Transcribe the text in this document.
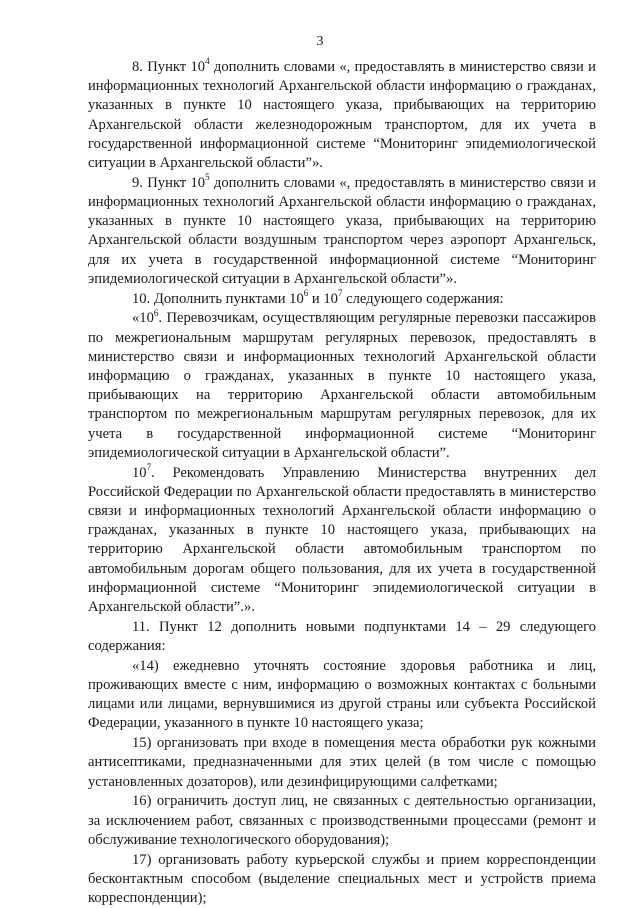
3

8. Пункт $10^4$ дополнить словами «, предоставлять в министерство связи и информационных технологий Архангельской области информацию о гражданах, указанных в пункте 10 настоящего указа, прибывающих на территорию Архангельской области железнодорожным транспортом, для их учета в государственной информационной системе “Мониторинг эпидемиологической ситуации в Архангельской области”».

9. Пункт $10^5$ дополнить словами «, предоставлять в министерство связи и информационных технологий Архангельской области информацию о гражданах, указанных в пункте 10 настоящего указа, прибывающих на территорию Архангельской области воздушным транспортом через аэропорт Архангельск, для их учета в государственной информационной системе “Мониторинг эпидемиологической ситуации в Архангельской области”».

10. Дополнить пунктами $10^6$ и $10^7$ следующего содержания:

«$10^6$. Перевозчикам, осуществляющим регулярные перевозки пассажиров по межрегиональным маршрутам регулярных перевозок, предоставлять в министерство связи и информационных технологий Архангельской области информацию о гражданах, указанных в пункте 10 настоящего указа, прибывающих на территорию Архангельской области автомобильным транспортом по межрегиональным маршрутам регулярных перевозок, для их учета в государственной информационной системе “Мониторинг эпидемиологической ситуации в Архангельской области”.

$10^7$. Рекомендовать Управлению Министерства внутренних дел Российской Федерации по Архангельской области предоставлять в министерство связи и информационных технологий Архангельской области информацию о гражданах, указанных в пункте 10 настоящего указа, прибывающих на территорию Архангельской области автомобильным транспортом по автомобильным дорогам общего пользования, для их учета в государственной информационной системе “Мониторинг эпидемиологической ситуации в Архангельской области”.».

11. Пункт 12 дополнить новыми подпунктами 14 – 29 следующего содержания:

«14) ежедневно уточнять состояние здоровья работника и лиц, проживающих вместе с ним, информацию о возможных контактах с больными лицами или лицами, вернувшимися из другой страны или субъекта Российской Федерации, указанного в пункте 10 настоящего указа;

15) организовать при входе в помещения места обработки рук кожными антисептиками, предназначенными для этих целей (в том числе с помощью установленных дозаторов), или дезинфицирующими салфетками;

16) ограничить доступ лиц, не связанных с деятельностью организации, за исключением работ, связанных с производственными процессами (ремонт и обслуживание технологического оборудования);

17) организовать работу курьерской службы и прием корреспонденции бесконтактным способом (выделение специальных мест и устройств приема корреспонденции);
